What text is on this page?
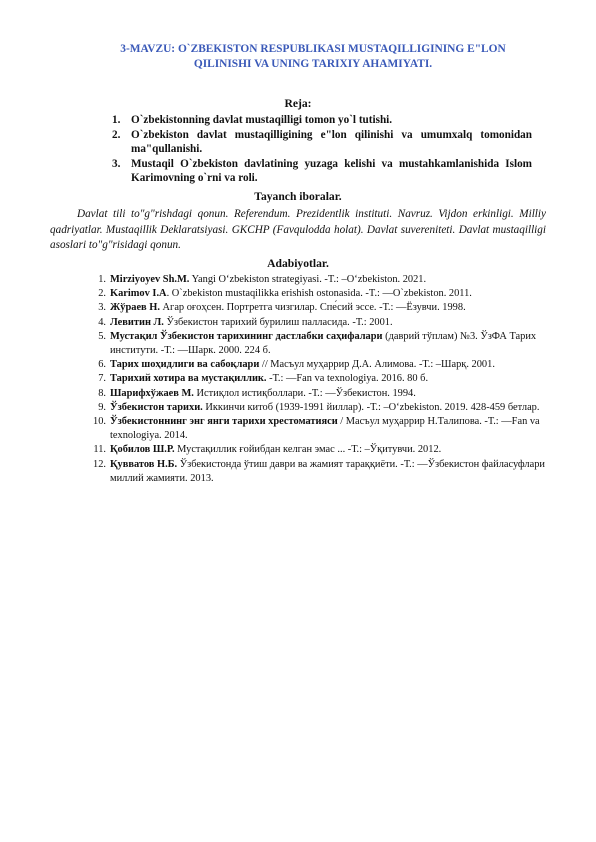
3-MAVZU: O`ZBEKISTON RESPUBLIKASI MUSTAQILLIGINING E"LON
QILINISHI VA UNING TARIXIY AHAMIYATI.
Reja:
1. O`zbekistonning davlat mustaqilligi tomon yo`l tutishi.
2. O`zbekiston davlat mustaqilligining e"lon qilinishi va umumxalq tomonidan ma"qullanishi.
3. Mustaqil O`zbekiston davlatining yuzaga kelishi va mustahkamlanishida Islom Karimovning o`rni va roli.
Tayanch iboralar.

Davlat tili to"g"rishdagi qonun. Referendum. Prezidentlik instituti. Navruz. Vijdon erkinligi. Milliy qadriyatlar. Mustaqillik Deklaratsiyasi. GKCHP (Favqulodda holat). Davlat suvereniteti. Davlat mustaqilligi asoslari to"g"risidagi qonun.

Adabiyotlar.
1. Mirziyoyev Sh.M. Yangi O‘zbekiston strategiyasi. -T.: –O‘zbekiston. 2021.
2. Karimov I.A. O`zbekiston mustaqilikka erishish ostonasida. -T.: ―O`zbekiston. 2011.
3. Жўраев Н. Агар оғоҳсен. Портретга чизгилар. Спе́сий эссе. -Т.: ―Ёзувчи. 1998.
4. Левитин Л. Ўзбекистон тарихий бурилиш палласида. -Т.: 2001.
5. Мустақил Ўзбекистон тарихининг дастлабки саҳифалари (даврий тўплам) №3. ЎзФА Тарих институти. -Т.: ―Шарк. 2000. 224 б.
6. Тарих шоҳидлиги ва сабоқлари // Масъул муҳаррир Д.А. Алимова. -Т.: –Шарқ. 2001.
7. Тарихий хотира ва мустақиллик. -Т.: ―Fan va texnologiya. 2016. 80 б.
8. Шарифхўжаев М. Истиқлол истиқболлари. -Т.: ―Ўзбекистон. 1994.
9. Ўзбекистон тарихи. Иккинчи китоб (1939-1991 йиллар). -Т.: –O‘zbekiston. 2019. 428-459 бетлар.
10. Ўзбекистоннинг энг янги тарихи хрестоматияси / Масъул муҳаррир Н.Талипова. -Т.: ―Fan va texnologiya. 2014.
11. Қобилов Ш.Р. Мустақиллик ғойибдан келган эмас ... -Т.: –Ўқитувчи. 2012.
12. Қувватов Н.Б. Ўзбекистонда ўтиш даври ва жамият тараққиёти. -Т.: ―Ўзбекистон файласуфлари миллий жамияти. 2013.
